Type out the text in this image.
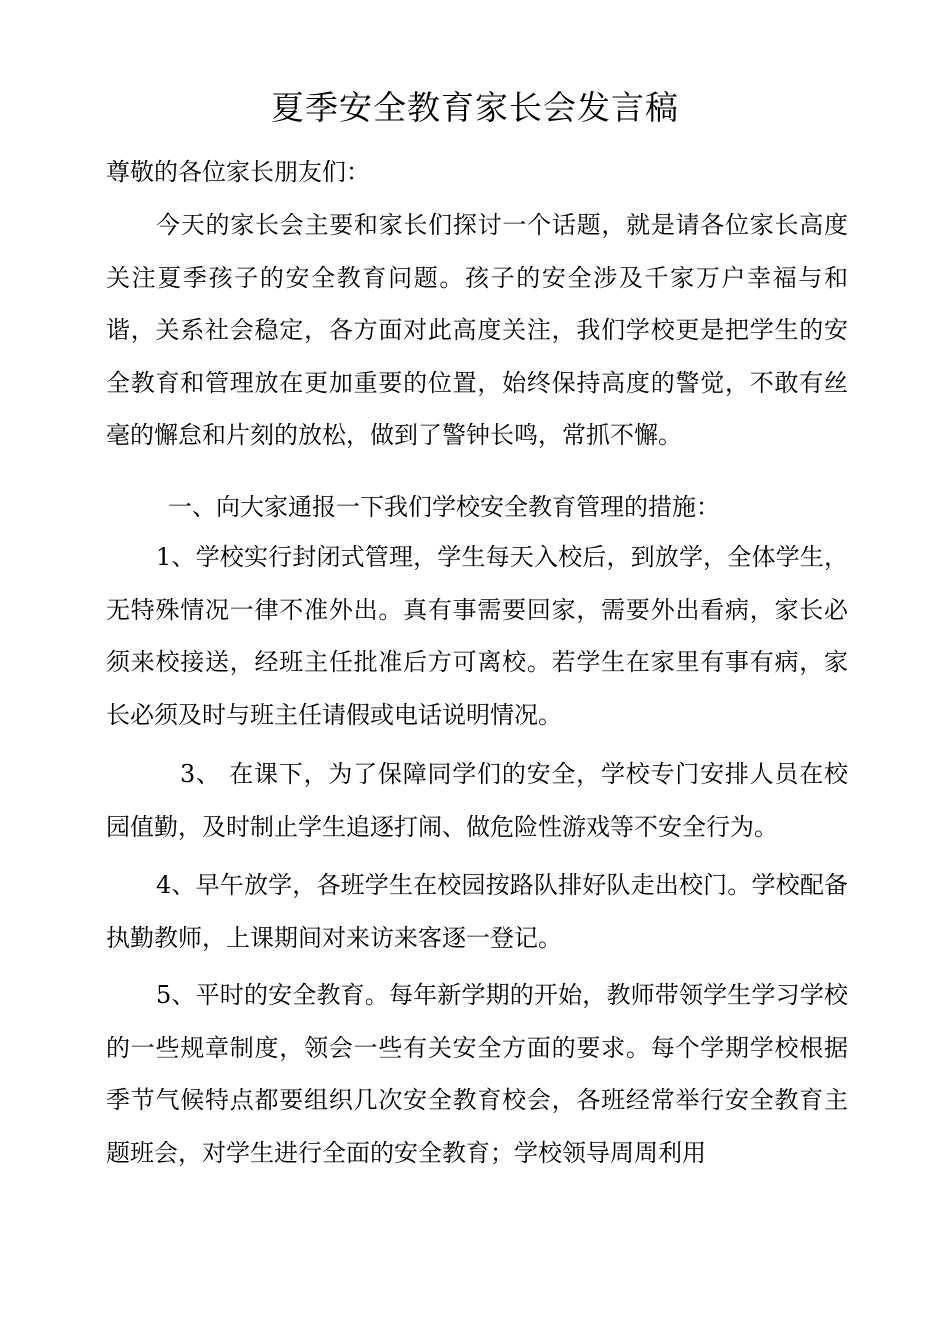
夏季安全教育家长会发言稿

尊敬的各位家长朋友们：

今天的家长会主要和家长们探讨一个话题，就是请各位家长高度关注夏季孩子的安全教育问题。孩子的安全涉及千家万户幸福与和谐，关系社会稳定，各方面对此高度关注，我们学校更是把学生的安全教育和管理放在更加重要的位置，始终保持高度的警觉，不敢有丝毫的懈怠和片刻的放松，做到了警钟长鸣，常抓不懈。

一、向大家通报一下我们学校安全教育管理的措施：

1、学校实行封闭式管理，学生每天入校后，到放学，全体学生，无特殊情况一律不准外出。真有事需要回家，需要外出看病，家长必须来校接送，经班主任批准后方可离校。若学生在家里有事有病，家长必须及时与班主任请假或电话说明情况。

3、 在课下，为了保障同学们的安全，学校专门安排人员在校园值勤，及时制止学生追逐打闹、做危险性游戏等不安全行为。

4、早午放学，各班学生在校园按路队排好队走出校门。学校配备执勤教师，上课期间对来访来客逐一登记。

5、平时的安全教育。每年新学期的开始，教师带领学生学习学校的一些规章制度，领会一些有关安全方面的要求。每个学期学校根据季节气候特点都要组织几次安全教育校会，各班经常举行安全教育主题班会，对学生进行全面的安全教育；学校领导周周利用
